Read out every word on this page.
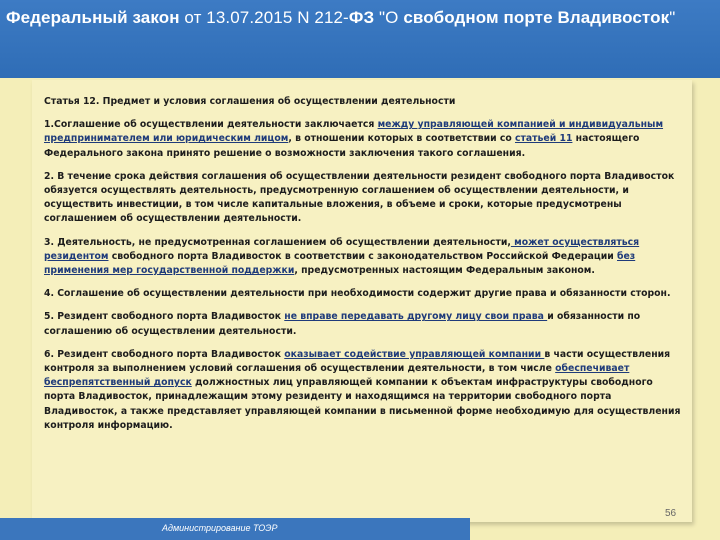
Федеральный закон от 13.07.2015 N 212-ФЗ "О свободном порте Владивосток"

Статья 12. Предмет и условия соглашения об осуществлении деятельности

1.Соглашение об осуществлении деятельности заключается между управляющей компанией и индивидуальным предпринимателем или юридическим лицом, в отношении которых в соответствии со статьей 11 настоящего Федерального закона принято решение о возможности заключения такого соглашения.

2. В течение срока действия соглашения об осуществлении деятельности резидент свободного порта Владивосток обязуется осуществлять деятельность, предусмотренную соглашением об осуществлении деятельности, и осуществить инвестиции, в том числе капитальные вложения, в объеме и сроки, которые предусмотрены соглашением об осуществлении деятельности.

3. Деятельность, не предусмотренная соглашением об осуществлении деятельности, может осуществляться резидентом свободного порта Владивосток в соответствии с законодательством Российской Федерации без применения мер государственной поддержки, предусмотренных настоящим Федеральным законом.

4. Соглашение об осуществлении деятельности при необходимости содержит другие права и обязанности сторон.

5. Резидент свободного порта Владивосток не вправе передавать другому лицу свои права и обязанности по соглашению об осуществлении деятельности.

6. Резидент свободного порта Владивосток оказывает содействие управляющей компании в части осуществления контроля за выполнением условий соглашения об осуществлении деятельности, в том числе обеспечивает беспрепятственный допуск должностных лиц управляющей компании к объектам инфраструктуры свободного порта Владивосток, принадлежащим этому резиденту и находящимся на территории свободного порта Владивосток, а также представляет управляющей компании в письменной форме необходимую для осуществления контроля информацию.

56
Администрирование ТОЭР
